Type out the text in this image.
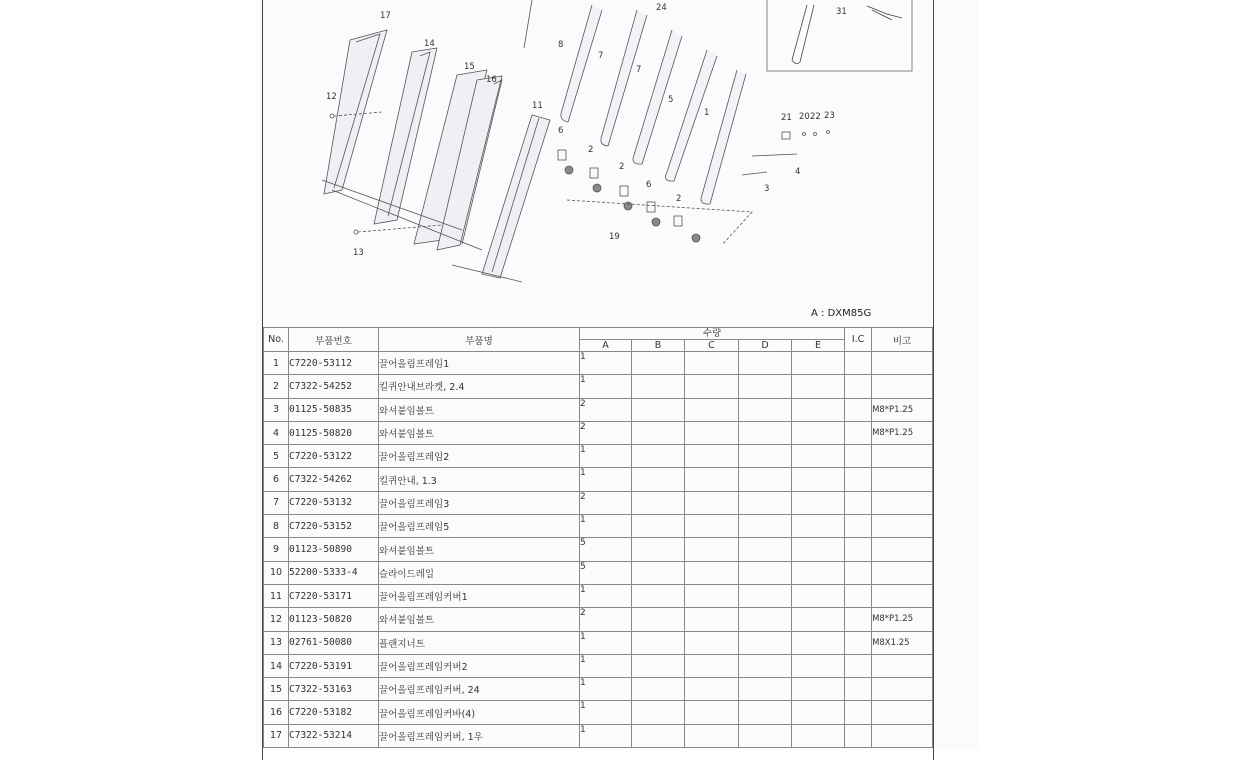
17
14
15
16
12
11
8
7
7
24
5
1
31
21 20 22 23
6
2
2
6
2
4
3
19
13
A : DXM85G
No.	부품번호	부품명	수량					I.C	비고
			A	B	C	D	E		
1	C7220-53112	끌어올림프레임1	1						
2	C7322-54252	킬퀴안내브라켓, 2.4	1						
3	01125-50835	와셔붙임볼트	2						M8*P1.25
4	01125-50820	와셔붙임볼트	2						M8*P1.25
5	C7220-53122	끌어올림프레임2	1						
6	C7322-54262	킬퀴안내, 1.3	1						
7	C7220-53132	끌어올림프레임3	2						
8	C7220-53152	끌어올림프레임5	1						
9	01123-50890	와셔붙임볼트	5						
10	52200-5333-4	슬라이드레일	5						
11	C7220-53171	끌어올림프레임커버1	1						
12	01123-50820	와셔붙임볼트	2						M8*P1.25
13	02761-50080	플랜지너트	1						M8X1.25
14	C7220-53191	끌어올림프레임커버2	1						
15	C7322-53163	끌어올림프레임커버, 24	1						
16	C7220-53182	끌어올림프레임커바(4)	1						
17	C7322-53214	끌어올림프레임커버, 1우	1						
